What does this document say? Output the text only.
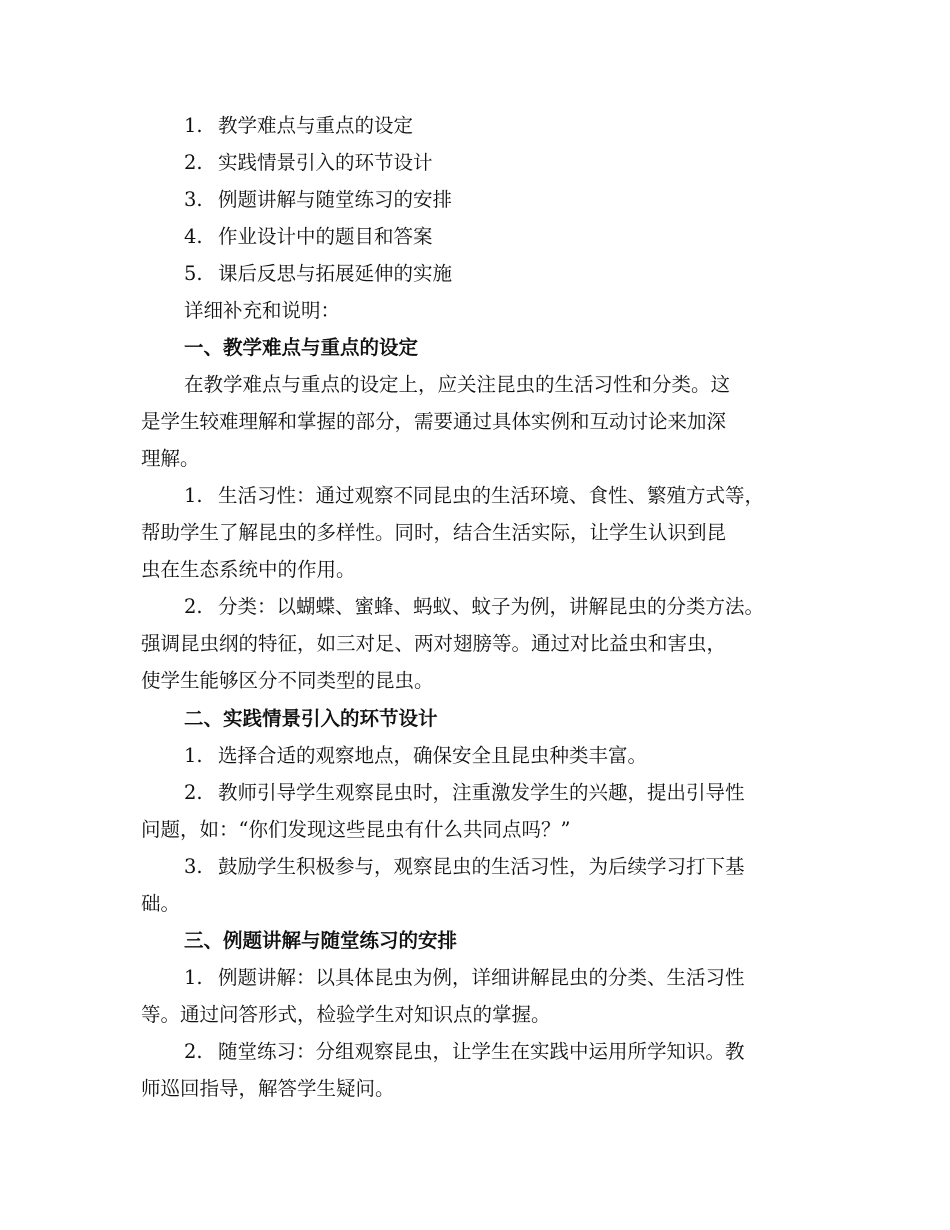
1. 教学难点与重点的设定
2. 实践情景引入的环节设计
3. 例题讲解与随堂练习的安排
4. 作业设计中的题目和答案
5. 课后反思与拓展延伸的实施
详细补充和说明：
一、教学难点与重点的设定
在教学难点与重点的设定上，应关注昆虫的生活习性和分类。这
是学生较难理解和掌握的部分，需要通过具体实例和互动讨论来加深
理解。
1. 生活习性：通过观察不同昆虫的生活环境、食性、繁殖方式等，
帮助学生了解昆虫的多样性。同时，结合生活实际，让学生认识到昆
虫在生态系统中的作用。
2. 分类：以蝴蝶、蜜蜂、蚂蚁、蚊子为例，讲解昆虫的分类方法。
强调昆虫纲的特征，如三对足、两对翅膀等。通过对比益虫和害虫，
使学生能够区分不同类型的昆虫。
二、实践情景引入的环节设计
1. 选择合适的观察地点，确保安全且昆虫种类丰富。
2. 教师引导学生观察昆虫时，注重激发学生的兴趣，提出引导性
问题，如：“你们发现这些昆虫有什么共同点吗？”
3. 鼓励学生积极参与，观察昆虫的生活习性，为后续学习打下基
础。
三、例题讲解与随堂练习的安排
1. 例题讲解：以具体昆虫为例，详细讲解昆虫的分类、生活习性
等。通过问答形式，检验学生对知识点的掌握。
2. 随堂练习：分组观察昆虫，让学生在实践中运用所学知识。教
师巡回指导，解答学生疑问。
